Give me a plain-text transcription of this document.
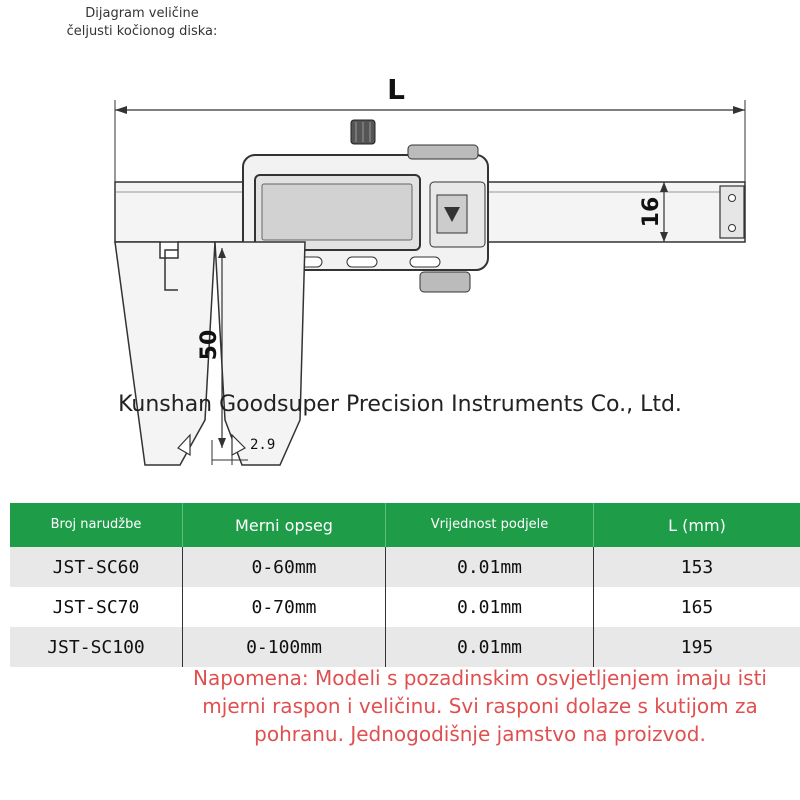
Dijagram veličine
čeljusti kočionog diska:
L
16
50
2.9
Kunshan Goodsuper Precision Instruments Co., Ltd.
Broj narudžbe	Merni opseg	Vrijednost podjele	L (mm)
JST-SC60	0-60mm	0.01mm	153
JST-SC70	0-70mm	0.01mm	165
JST-SC100	0-100mm	0.01mm	195
Napomena: Modeli s pozadinskim osvjetljenjem imaju isti mjerni raspon i veličinu. Svi rasponi dolaze s kutijom za pohranu. Jednogodišnje jamstvo na proizvod.
